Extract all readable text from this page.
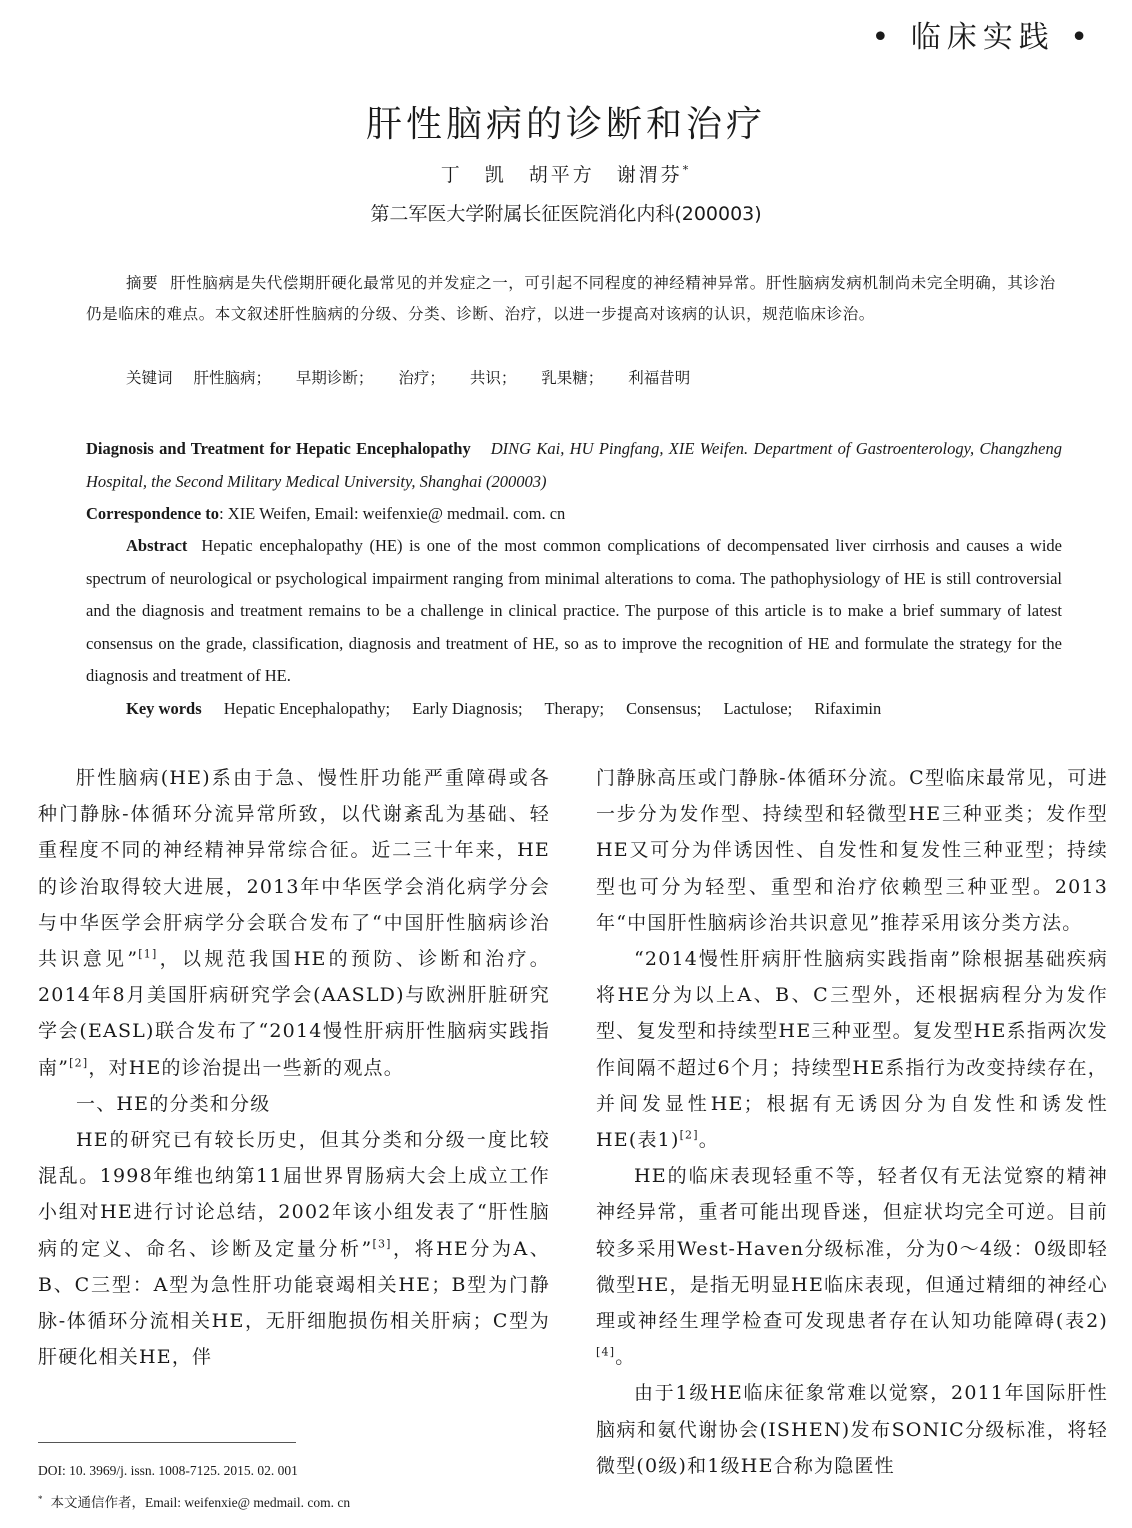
• 临床实践 •
肝性脑病的诊断和治疗
丁　凯　胡平方　谢渭芬*
第二军医大学附属长征医院消化内科(200003)
摘要 肝性脑病是失代偿期肝硬化最常见的并发症之一，可引起不同程度的神经精神异常。肝性脑病发病机制尚未完全明确，其诊治仍是临床的难点。本文叙述肝性脑病的分级、分类、诊断、治疗，以进一步提高对该病的认识，规范临床诊治。
关键词 肝性脑病； 早期诊断； 治疗； 共识； 乳果糖； 利福昔明
Diagnosis and Treatment for Hepatic Encephalopathy DING Kai, HU Pingfang, XIE Weifen. Department of Gastroenterology, Changzheng Hospital, the Second Military Medical University, Shanghai (200003)
Correspondence to: XIE Weifen, Email: weifenxie@ medmail. com. cn
Abstract Hepatic encephalopathy (HE) is one of the most common complications of decompensated liver cirrhosis and causes a wide spectrum of neurological or psychological impairment ranging from minimal alterations to coma. The pathophysiology of HE is still controversial and the diagnosis and treatment remains to be a challenge in clinical practice. The purpose of this article is to make a brief summary of latest consensus on the grade, classification, diagnosis and treatment of HE, so as to improve the recognition of HE and formulate the strategy for the diagnosis and treatment of HE.
Key words Hepatic Encephalopathy; Early Diagnosis; Therapy; Consensus; Lactulose; Rifaximin

肝性脑病(HE)系由于急、慢性肝功能严重障碍或各种门静脉-体循环分流异常所致，以代谢紊乱为基础、轻重程度不同的神经精神异常综合征。近二三十年来，HE的诊治取得较大进展，2013年中华医学会消化病学分会与中华医学会肝病学分会联合发布了“中国肝性脑病诊治共识意见”[1]，以规范我国HE的预防、诊断和治疗。2014年8月美国肝病研究学会(AASLD)与欧洲肝脏研究学会(EASL)联合发布了“2014慢性肝病肝性脑病实践指南”[2]，对HE的诊治提出一些新的观点。

一、HE的分类和分级

HE的研究已有较长历史，但其分类和分级一度比较混乱。1998年维也纳第11届世界胃肠病大会上成立工作小组对HE进行讨论总结，2002年该小组发表了“肝性脑病的定义、命名、诊断及定量分析”[3]，将HE分为A、B、C三型：A型为急性肝功能衰竭相关HE；B型为门静脉-体循环分流相关HE，无肝细胞损伤相关肝病；C型为肝硬化相关HE，伴

门静脉高压或门静脉-体循环分流。C型临床最常见，可进一步分为发作型、持续型和轻微型HE三种亚类；发作型HE又可分为伴诱因性、自发性和复发性三种亚型；持续型也可分为轻型、重型和治疗依赖型三种亚型。2013年“中国肝性脑病诊治共识意见”推荐采用该分类方法。

“2014慢性肝病肝性脑病实践指南”除根据基础疾病将HE分为以上A、B、C三型外，还根据病程分为发作型、复发型和持续型HE三种亚型。复发型HE系指两次发作间隔不超过6个月；持续型HE系指行为改变持续存在，并间发显性HE；根据有无诱因分为自发性和诱发性HE(表1)[2]。

HE的临床表现轻重不等，轻者仅有无法觉察的精神神经异常，重者可能出现昏迷，但症状均完全可逆。目前较多采用West-Haven分级标准，分为0～4级：0级即轻微型HE，是指无明显HE临床表现，但通过精细的神经心理或神经生理学检查可发现患者存在认知功能障碍(表2)[4]。

由于1级HE临床征象常难以觉察，2011年国际肝性脑病和氨代谢协会(ISHEN)发布SONIC分级标准，将轻微型(0级)和1级HE合称为隐匿性

DOI: 10. 3969/j. issn. 1008-7125. 2015. 02. 001
* 本文通信作者，Email: weifenxie@ medmail. com. cn
